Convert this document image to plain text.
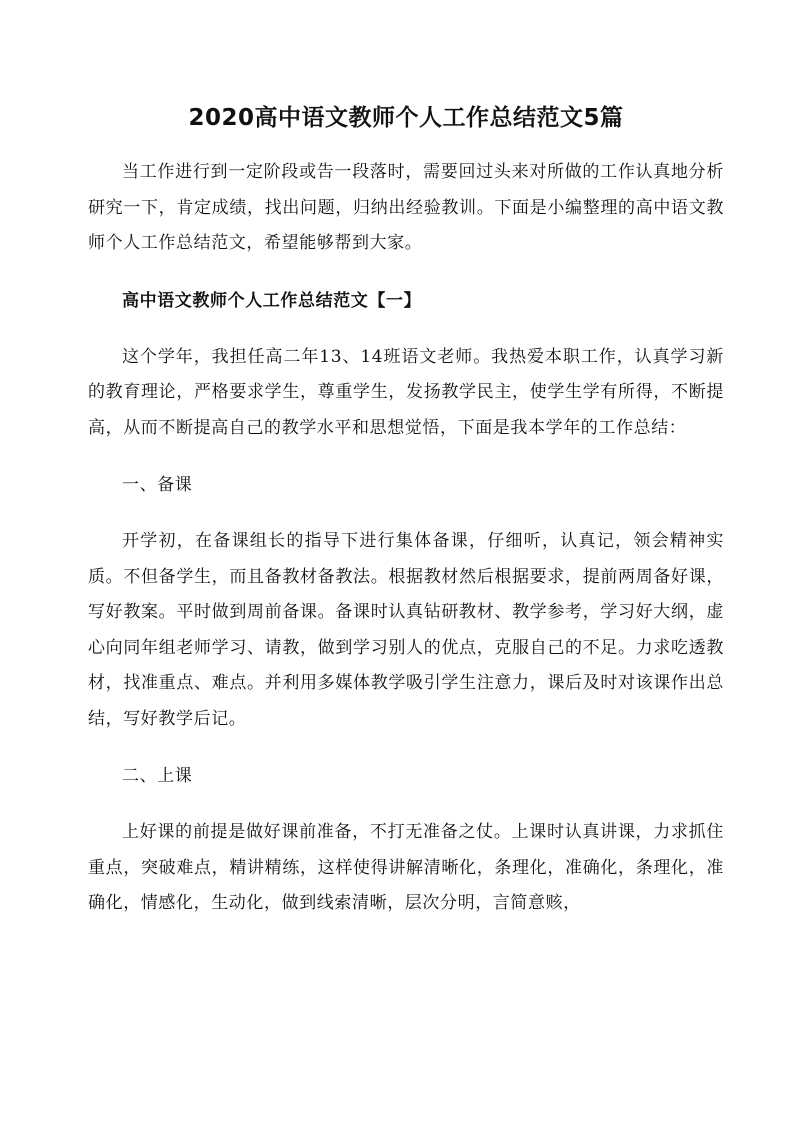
2020高中语文教师个人工作总结范文5篇

当工作进行到一定阶段或告一段落时，需要回过头来对所做的工作认真地分析研究一下，肯定成绩，找出问题，归纳出经验教训。下面是小编整理的高中语文教师个人工作总结范文，希望能够帮到大家。

高中语文教师个人工作总结范文【一】

这个学年，我担任高二年13、14班语文老师。我热爱本职工作，认真学习新的教育理论，严格要求学生，尊重学生，发扬教学民主，使学生学有所得，不断提高，从而不断提高自己的教学水平和思想觉悟，下面是我本学年的工作总结：

一、备课

开学初，在备课组长的指导下进行集体备课，仔细听，认真记，领会精神实质。不但备学生，而且备教材备教法。根据教材然后根据要求，提前两周备好课，写好教案。平时做到周前备课。备课时认真钻研教材、教学参考，学习好大纲，虚心向同年组老师学习、请教，做到学习别人的优点，克服自己的不足。力求吃透教材，找准重点、难点。并利用多媒体教学吸引学生注意力，课后及时对该课作出总结，写好教学后记。

二、上课

上好课的前提是做好课前准备，不打无准备之仗。上课时认真讲课，力求抓住重点，突破难点，精讲精练，这样使得讲解清晰化，条理化，准确化，条理化，准确化，情感化，生动化，做到线索清晰，层次分明，言简意赅，
